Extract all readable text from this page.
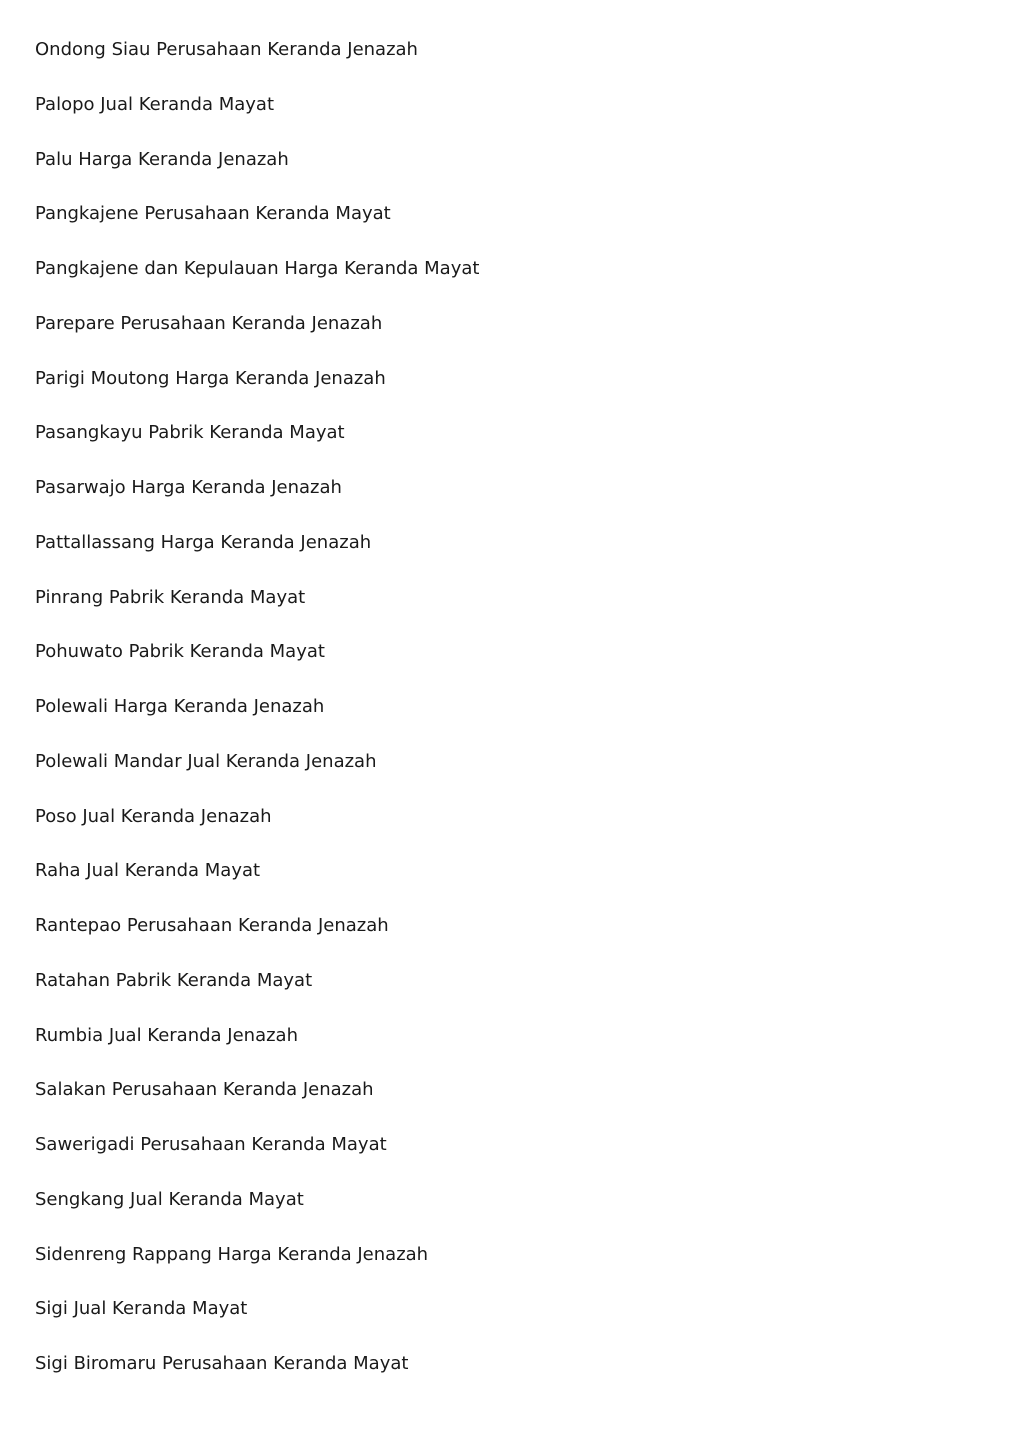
Ondong Siau Perusahaan Keranda Jenazah
Palopo Jual Keranda Mayat
Palu Harga Keranda Jenazah
Pangkajene Perusahaan Keranda Mayat
Pangkajene dan Kepulauan Harga Keranda Mayat
Parepare Perusahaan Keranda Jenazah
Parigi Moutong Harga Keranda Jenazah
Pasangkayu Pabrik Keranda Mayat
Pasarwajo Harga Keranda Jenazah
Pattallassang Harga Keranda Jenazah
Pinrang Pabrik Keranda Mayat
Pohuwato Pabrik Keranda Mayat
Polewali Harga Keranda Jenazah
Polewali Mandar Jual Keranda Jenazah
Poso Jual Keranda Jenazah
Raha Jual Keranda Mayat
Rantepao Perusahaan Keranda Jenazah
Ratahan Pabrik Keranda Mayat
Rumbia Jual Keranda Jenazah
Salakan Perusahaan Keranda Jenazah
Sawerigadi Perusahaan Keranda Mayat
Sengkang Jual Keranda Mayat
Sidenreng Rappang Harga Keranda Jenazah
Sigi Jual Keranda Mayat
Sigi Biromaru Perusahaan Keranda Mayat
